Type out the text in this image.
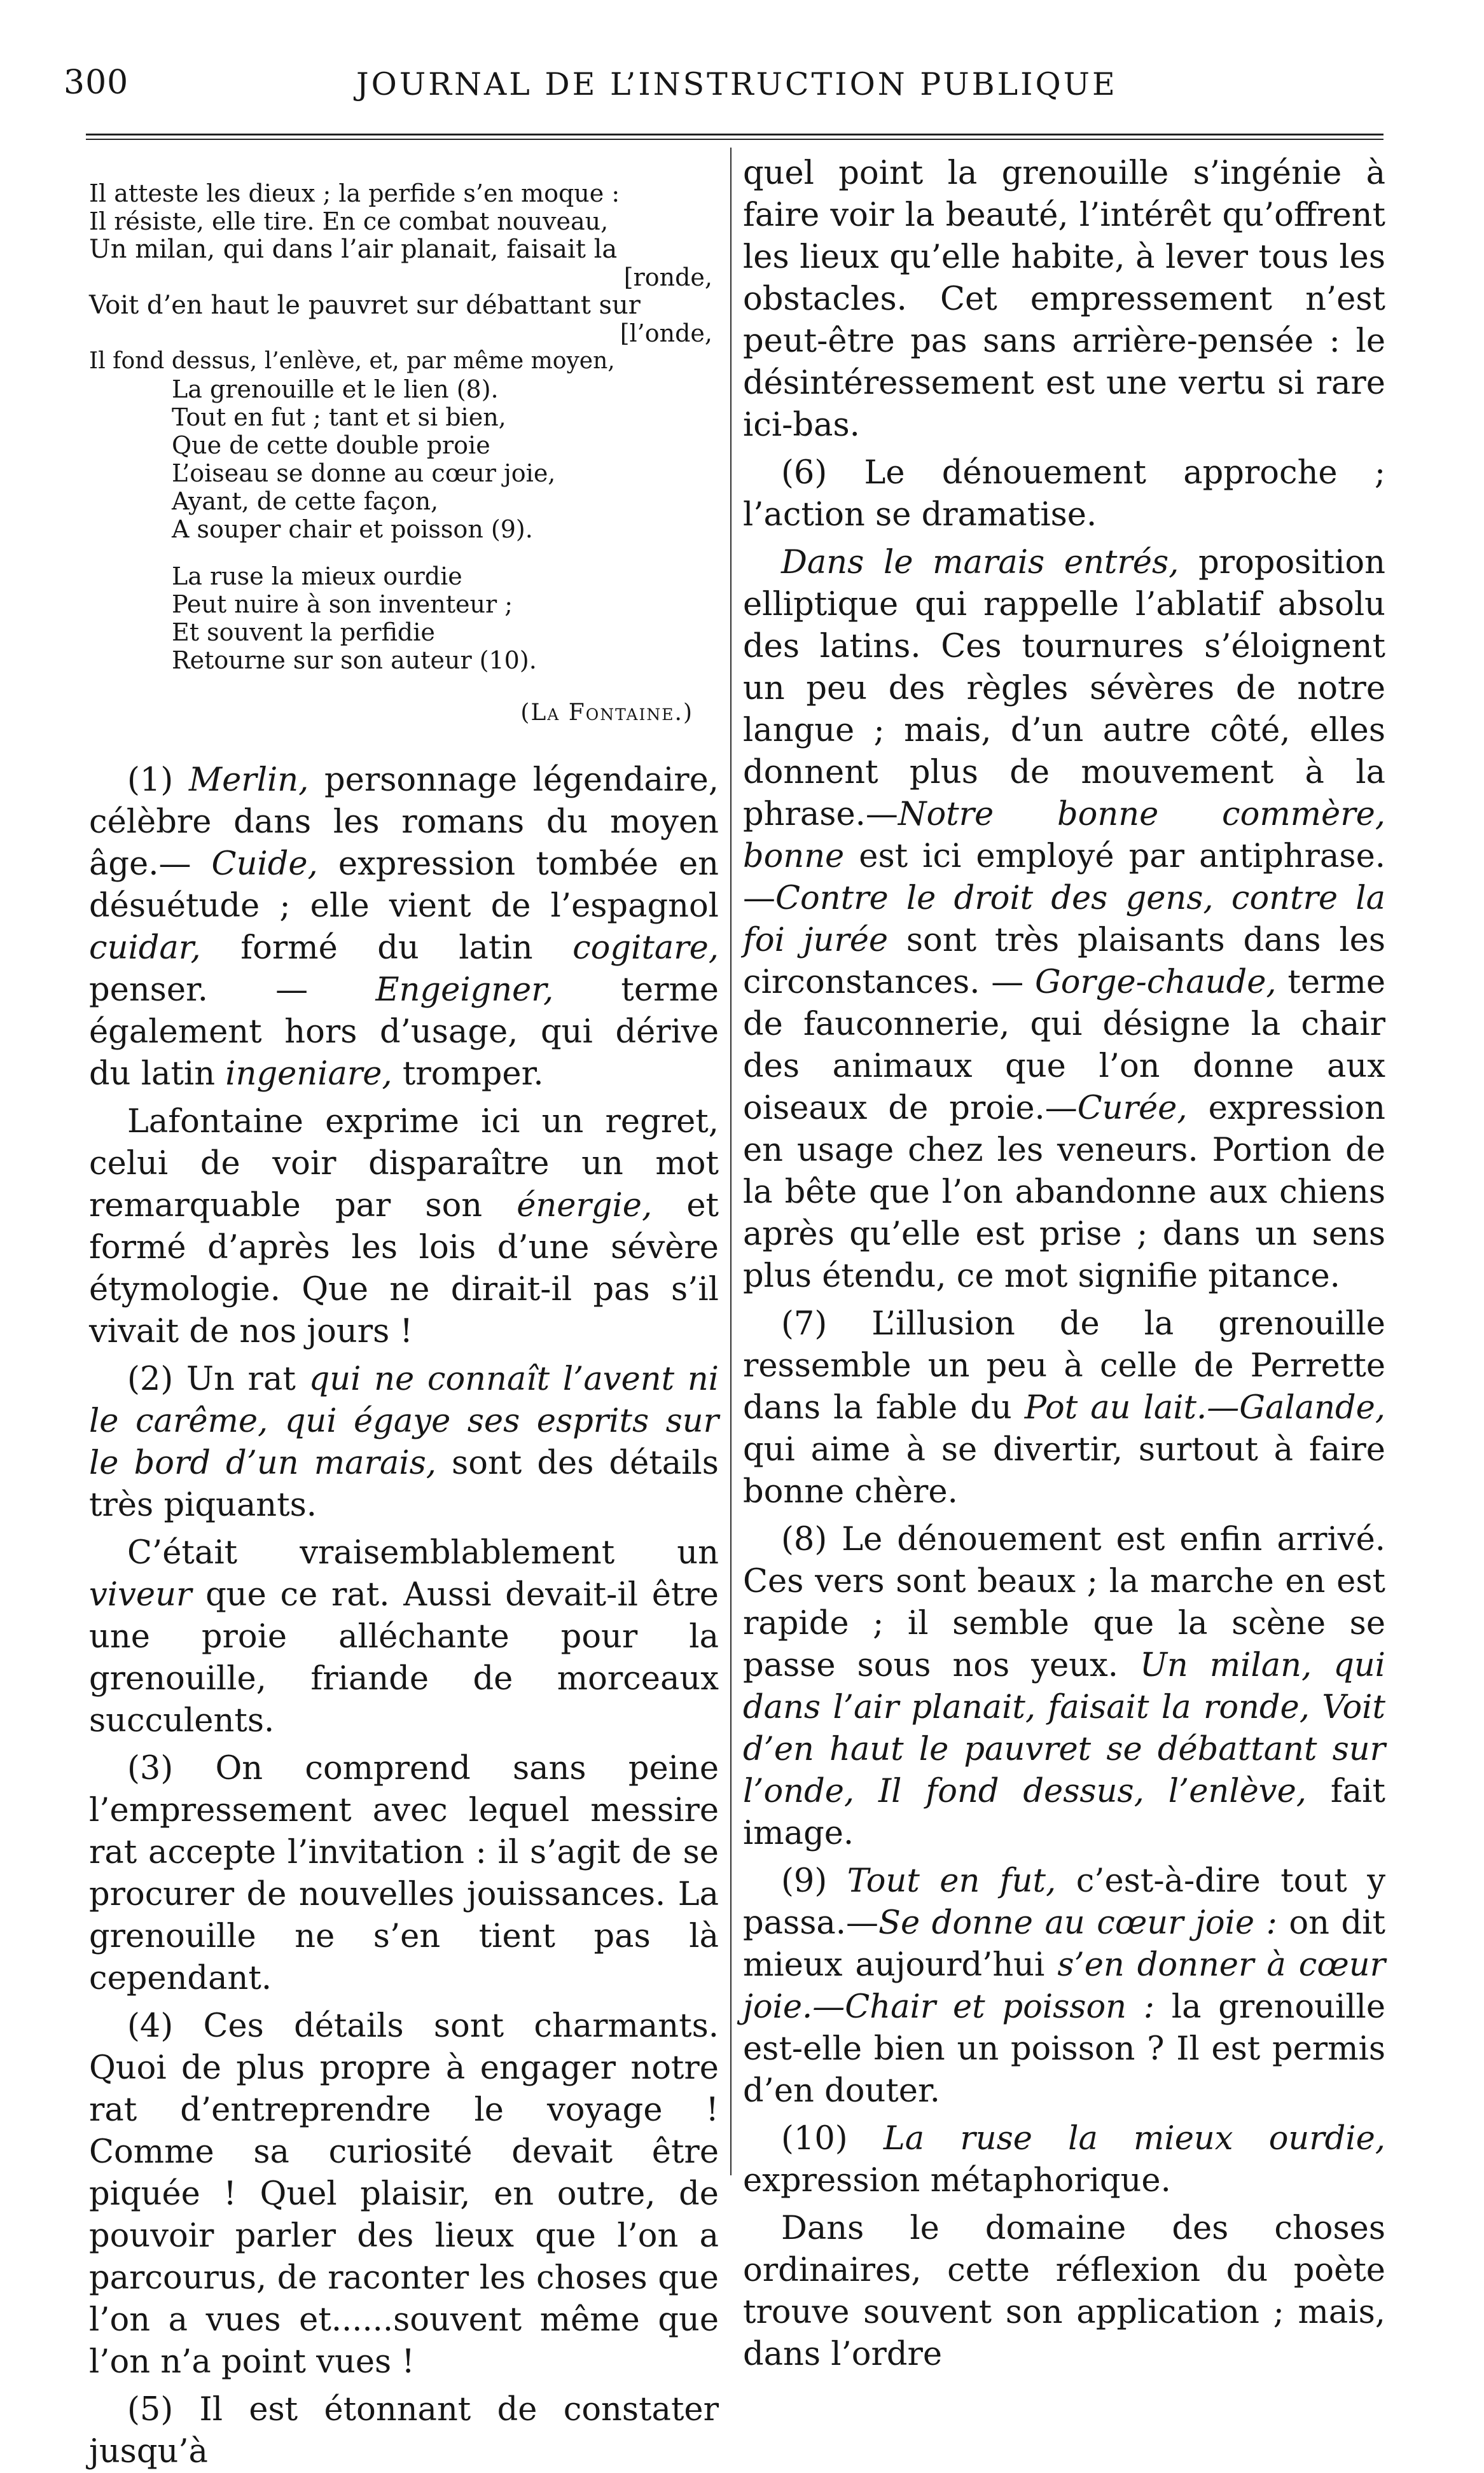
300	JOURNAL DE L’INSTRUCTION PUBLIQUE
Il atteste les dieux ; la perfide s’en moque :
Il résiste, elle tire. En ce combat nouveau,
Un milan, qui dans l’air planait, faisait la
[ronde,
Voit d’en haut le pauvret sur débattant sur
[l’onde,
Il fond dessus, l’enlève, et, par même moyen,
La grenouille et le lien (8).
Tout en fut ; tant et si bien,
Que de cette double proie
L’oiseau se donne au cœur joie,
Ayant, de cette façon,
A souper chair et poisson (9).
La ruse la mieux ourdie
Peut nuire à son inventeur ;
Et souvent la perfidie
Retourne sur son auteur (10).
(La Fontaine.)

(1) Merlin, personnage légendaire, célèbre dans les romans du moyen âge.— Cuide, expression tombée en désuétude ; elle vient de l’espagnol cuidar, formé du latin cogitare, penser. — Engeigner, terme également hors d’usage, qui dérive du latin ingeniare, tromper.

Lafontaine exprime ici un regret, celui de voir disparaître un mot remarquable par son énergie, et formé d’après les lois d’une sévère étymologie. Que ne dirait-il pas s’il vivait de nos jours !

(2) Un rat qui ne connaît l’avent ni le carême, qui égaye ses esprits sur le bord d’un marais, sont des détails très piquants.

C’était vraisemblablement un viveur que ce rat. Aussi devait-il être une proie alléchante pour la grenouille, friande de morceaux succulents.

(3) On comprend sans peine l’empressement avec lequel messire rat accepte l’invitation : il s’agit de se procurer de nouvelles jouissances. La grenouille ne s’en tient pas là cependant.

(4) Ces détails sont charmants. Quoi de plus propre à engager notre rat d’entreprendre le voyage ! Comme sa curiosité devait être piquée ! Quel plaisir, en outre, de pouvoir parler des lieux que l’on a parcourus, de raconter les choses que l’on a vues et......souvent même que l’on n’a point vues !

(5) Il est étonnant de constater jusqu’à

quel point la grenouille s’ingénie à faire voir la beauté, l’intérêt qu’offrent les lieux qu’elle habite, à lever tous les obstacles. Cet empressement n’est peut-être pas sans arrière-pensée : le désintéressement est une vertu si rare ici-bas.

(6) Le dénouement approche ; l’action se dramatise.

Dans le marais entrés, proposition elliptique qui rappelle l’ablatif absolu des latins. Ces tournures s’éloignent un peu des règles sévères de notre langue ; mais, d’un autre côté, elles donnent plus de mouvement à la phrase.—Notre bonne commère, bonne est ici employé par antiphrase.—Contre le droit des gens, contre la foi jurée sont très plaisants dans les circonstances. — Gorge-chaude, terme de fauconnerie, qui désigne la chair des animaux que l’on donne aux oiseaux de proie.—Curée, expression en usage chez les veneurs. Portion de la bête que l’on abandonne aux chiens après qu’elle est prise ; dans un sens plus étendu, ce mot signifie pitance.

(7) L’illusion de la grenouille ressemble un peu à celle de Perrette dans la fable du Pot au lait.—Galande, qui aime à se divertir, surtout à faire bonne chère.

(8) Le dénouement est enfin arrivé. Ces vers sont beaux ; la marche en est rapide ; il semble que la scène se passe sous nos yeux. Un milan, qui dans l’air planait, faisait la ronde, Voit d’en haut le pauvret se débattant sur l’onde, Il fond dessus, l’enlève, fait image.

(9) Tout en fut, c’est-à-dire tout y passa.—Se donne au cœur joie : on dit mieux aujourd’hui s’en donner à cœur joie.—Chair et poisson : la grenouille est-elle bien un poisson ? Il est permis d’en douter.

(10) La ruse la mieux ourdie, expression métaphorique.

Dans le domaine des choses ordinaires, cette réflexion du poète trouve souvent son application ; mais, dans l’ordre
